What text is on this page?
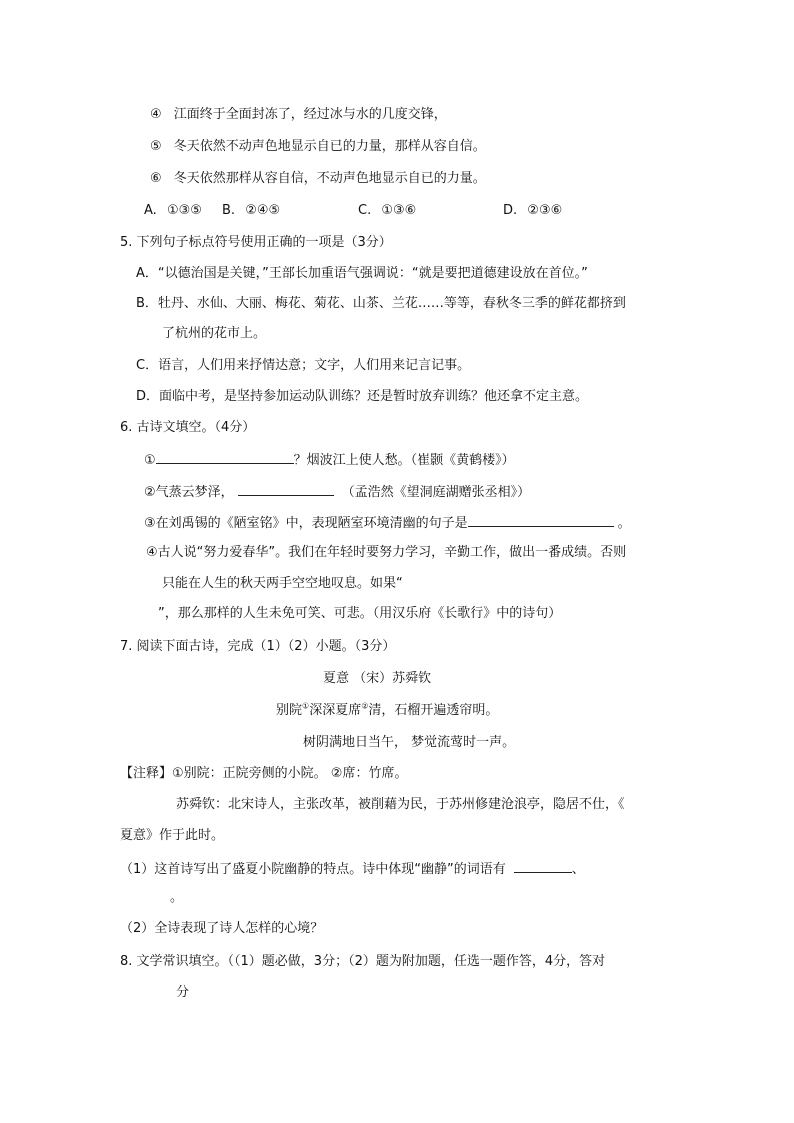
④ 江面终于全面封冻了，经过冰与水的几度交锋，
⑤ 冬天依然不动声色地显示自已的力量，那样从容自信。
⑥ 冬天依然那样从容自信，不动声色地显示自已的力量。
A. ①③⑤ B. ②④⑤	C. ①③⑥	D. ②③⑥
5. 下列句子标点符号使用正确的一项是（3分）
A．“以德治国是关键，”王部长加重语气强调说：“就是要把道德建设放在首位。”
B．牡丹、水仙、大丽、梅花、菊花、山茶、兰花……等等，春秋冬三季的鲜花都挤到
了杭州的花市上。
C．语言，人们用来抒情达意；文字，人们用来记言记事。
D．面临中考，是坚持参加运动队训练？还是暂时放弃训练？他还拿不定主意。
6. 古诗文填空。（4分）
①	？烟波江上使人愁。（崔颢《黄鹤楼》）
②气蒸云梦泽，	（孟浩然《望洞庭湖赠张丞相》）
③在刘禹锡的《陋室铭》中，表现陋室环境清幽的句子是	。
④古人说“努力爱春华”。我们在年轻时要努力学习，辛勤工作，做出一番成绩。否则
只能在人生的秋天两手空空地叹息。如果“
”，那么那样的人生未免可笑、可悲。（用汉乐府《长歌行》中的诗句）
7. 阅读下面古诗，完成（1）（2）小题。（3分）
夏意 （宋）苏舜钦
别院①深深夏席②清，石榴开遍透帘明。
树阴满地日当午， 梦觉流莺时一声。
【注释】①别院：正院旁侧的小院。 ②席：竹席。
苏舜钦：北宋诗人，主张改革，被削藉为民，于苏州修建沧浪亭，隐居不仕，《
夏意》作于此时。
（1）这首诗写出了盛夏小院幽静的特点。诗中体现“幽静”的词语有	、
。
（2）全诗表现了诗人怎样的心境？
8. 文学常识填空。（（1）题必做，3分；（2）题为附加题，任选一题作答，4分，答对
分
